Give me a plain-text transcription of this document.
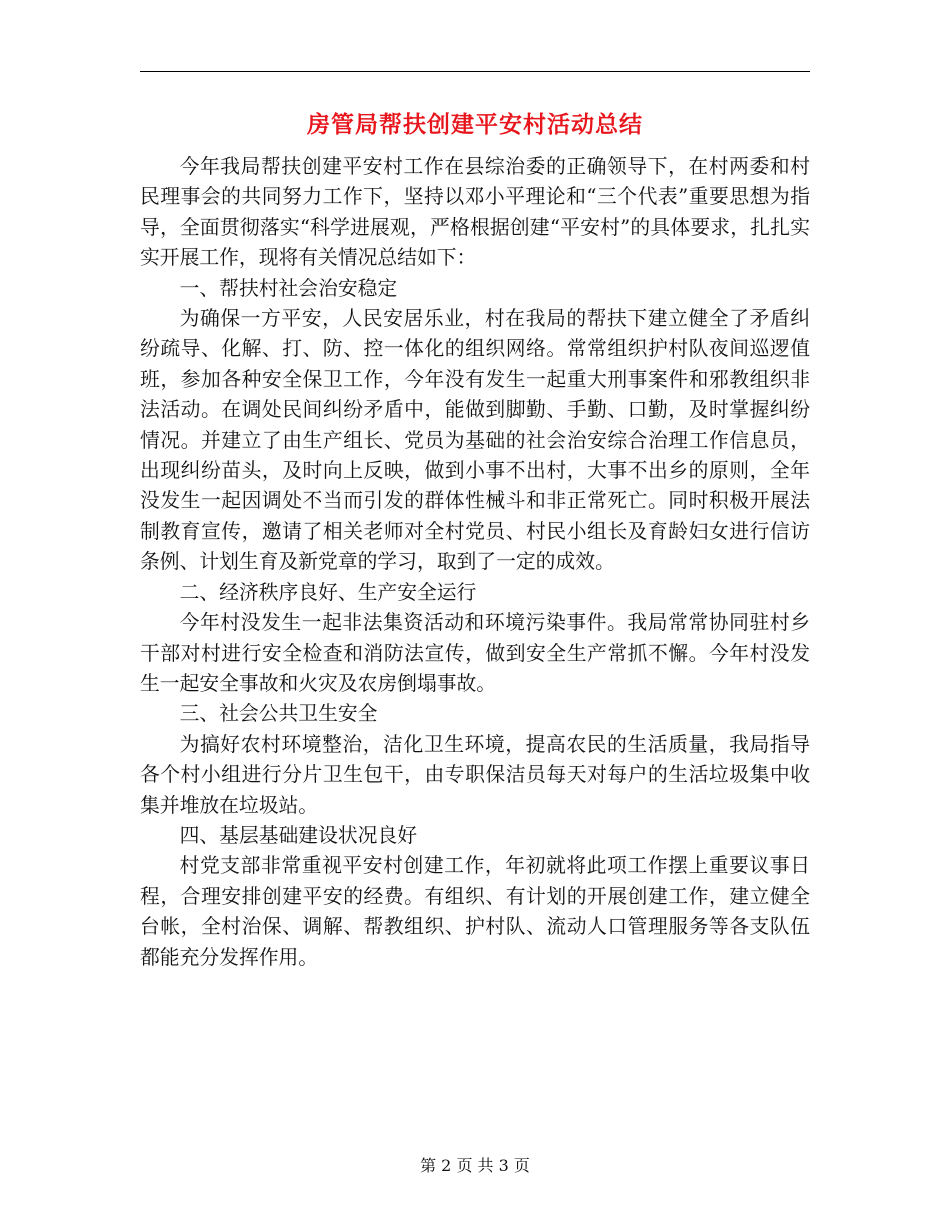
房管局帮扶创建平安村活动总结

今年我局帮扶创建平安村工作在县综治委的正确领导下，在村两委和村民理事会的共同努力工作下，坚持以邓小平理论和“三个代表”重要思想为指导，全面贯彻落实“科学进展观，严格根据创建“平安村”的具体要求，扎扎实实开展工作，现将有关情况总结如下：

一、帮扶村社会治安稳定

为确保一方平安，人民安居乐业，村在我局的帮扶下建立健全了矛盾纠纷疏导、化解、打、防、控一体化的组织网络。常常组织护村队夜间巡逻值班，参加各种安全保卫工作，今年没有发生一起重大刑事案件和邪教组织非法活动。在调处民间纠纷矛盾中，能做到脚勤、手勤、口勤，及时掌握纠纷情况。并建立了由生产组长、党员为基础的社会治安综合治理工作信息员，出现纠纷苗头，及时向上反映，做到小事不出村，大事不出乡的原则，全年没发生一起因调处不当而引发的群体性械斗和非正常死亡。同时积极开展法制教育宣传，邀请了相关老师对全村党员、村民小组长及育龄妇女进行信访条例、计划生育及新党章的学习，取到了一定的成效。

二、经济秩序良好、生产安全运行

今年村没发生一起非法集资活动和环境污染事件。我局常常协同驻村乡干部对村进行安全检查和消防法宣传，做到安全生产常抓不懈。今年村没发生一起安全事故和火灾及农房倒塌事故。

三、社会公共卫生安全

为搞好农村环境整治，洁化卫生环境，提高农民的生活质量，我局指导各个村小组进行分片卫生包干，由专职保洁员每天对每户的生活垃圾集中收集并堆放在垃圾站。

四、基层基础建设状况良好

村党支部非常重视平安村创建工作，年初就将此项工作摆上重要议事日程，合理安排创建平安的经费。有组织、有计划的开展创建工作，建立健全台帐，全村治保、调解、帮教组织、护村队、流动人口管理服务等各支队伍都能充分发挥作用。

第 2 页 共 3 页
